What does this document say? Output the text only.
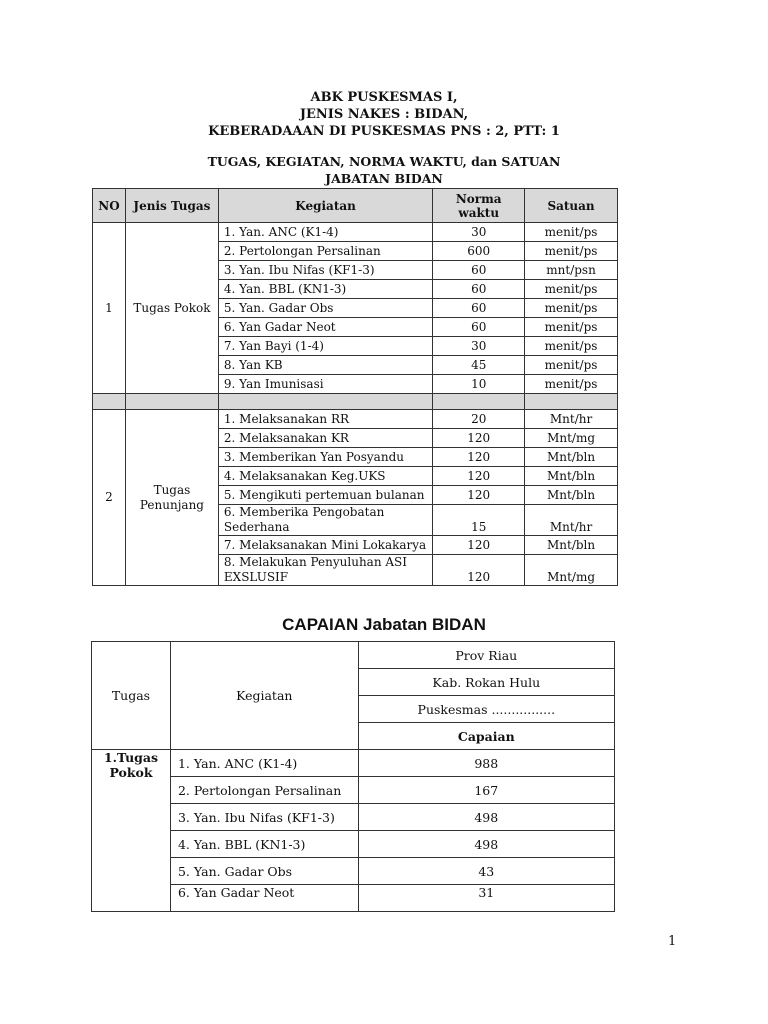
ABK PUSKESMAS I,
JENIS NAKES : BIDAN,
KEBERADAAAN DI PUSKESMAS PNS : 2, PTT: 1
TUGAS, KEGIATAN, NORMA WAKTU, dan SATUAN
JABATAN BIDAN
NO	Jenis Tugas	Kegiatan	Norma waktu	Satuan
1	Tugas Pokok	1. Yan. ANC (K1-4)	30	menit/ps
		2. Pertolongan Persalinan	600	menit/ps
		3. Yan. Ibu Nifas (KF1-3)	60	mnt/psn
		4. Yan. BBL (KN1-3)	60	menit/ps
		5. Yan. Gadar Obs	60	menit/ps
		6. Yan Gadar Neot	60	menit/ps
		7. Yan Bayi (1-4)	30	menit/ps
		8. Yan KB	45	menit/ps
		9. Yan Imunisasi	10	menit/ps

2	Tugas Penunjang	1. Melaksanakan RR	20	Mnt/hr
		2. Melaksanakan KR	120	Mnt/mg
		3. Memberikan Yan Posyandu	120	Mnt/bln
		4. Melaksanakan Keg.UKS	120	Mnt/bln
		5. Mengikuti pertemuan bulanan	120	Mnt/bln
		6. Memberika Pengobatan Sederhana	15	Mnt/hr
		7. Melaksanakan Mini Lokakarya	120	Mnt/bln
		8. Melakukan Penyuluhan ASI EXSLUSIF	120	Mnt/mg
CAPAIAN Jabatan BIDAN
Tugas	Kegiatan	Prov Riau
		Kab. Rokan Hulu
		Puskesmas ................
		Capaian
1.Tugas Pokok	1. Yan. ANC (K1-4)	988
	2. Pertolongan Persalinan	167
	3. Yan. Ibu Nifas (KF1-3)	498
	4. Yan. BBL (KN1-3)	498
	5. Yan. Gadar Obs	43
	6. Yan Gadar Neot	31
1
